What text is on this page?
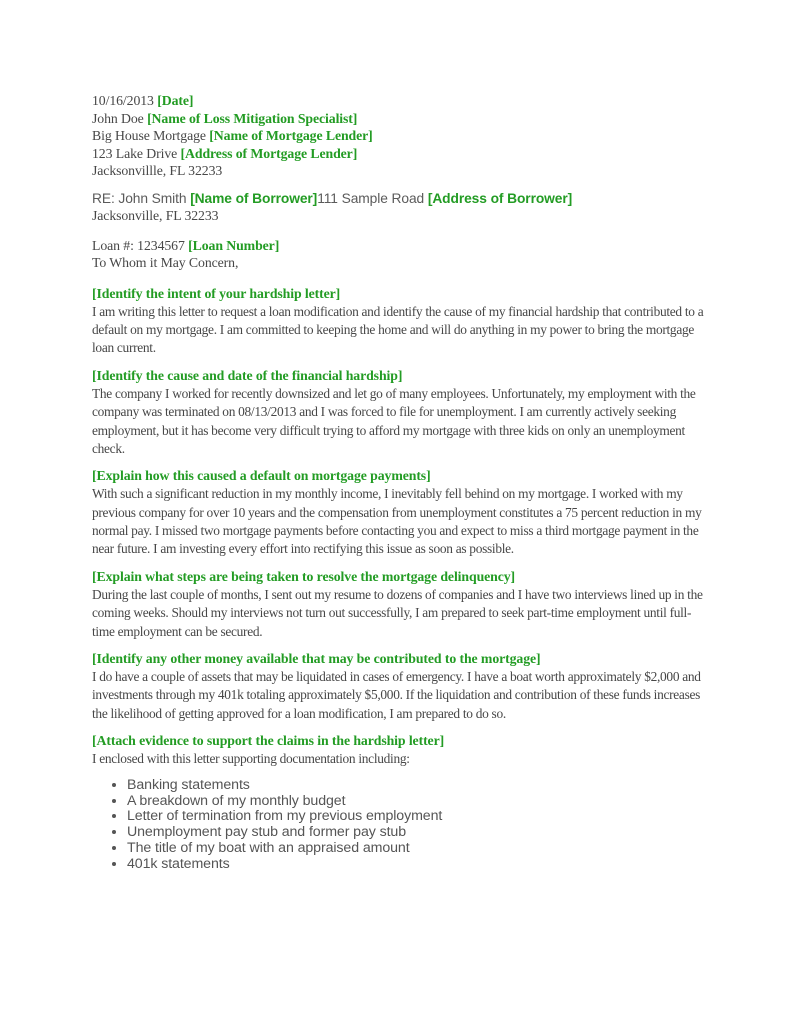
10/16/2013 [Date]
John Doe [Name of Loss Mitigation Specialist]
Big House Mortgage [Name of Mortgage Lender]
123 Lake Drive [Address of Mortgage Lender]
Jacksonvillle, FL 32233
RE: John Smith [Name of Borrower]111 Sample Road [Address of Borrower]
Jacksonville, FL 32233
Loan #: 1234567 [Loan Number]
To Whom it May Concern,
[Identify the intent of your hardship letter]
I am writing this letter to request a loan modification and identify the cause of my financial hardship that contributed to a default on my mortgage. I am committed to keeping the home and will do anything in my power to bring the mortgage loan current.
[Identify the cause and date of the financial hardship]
The company I worked for recently downsized and let go of many employees. Unfortunately, my employment with the company was terminated on 08/13/2013 and I was forced to file for unemployment. I am currently actively seeking employment, but it has become very difficult trying to afford my mortgage with three kids on only an unemployment check.
[Explain how this caused a default on mortgage payments]
With such a significant reduction in my monthly income, I inevitably fell behind on my mortgage. I worked with my previous company for over 10 years and the compensation from unemployment constitutes a 75 percent reduction in my normal pay. I missed two mortgage payments before contacting you and expect to miss a third mortgage payment in the near future. I am investing every effort into rectifying this issue as soon as possible.
[Explain what steps are being taken to resolve the mortgage delinquency]
During the last couple of months, I sent out my resume to dozens of companies and I have two interviews lined up in the coming weeks. Should my interviews not turn out successfully, I am prepared to seek part-time employment until full-time employment can be secured.
[Identify any other money available that may be contributed to the mortgage]
I do have a couple of assets that may be liquidated in cases of emergency. I have a boat worth approximately $2,000 and investments through my 401k totaling approximately $5,000. If the liquidation and contribution of these funds increases the likelihood of getting approved for a loan modification, I am prepared to do so.
[Attach evidence to support the claims in the hardship letter]
I enclosed with this letter supporting documentation including:
• Banking statements
• A breakdown of my monthly budget
• Letter of termination from my previous employment
• Unemployment pay stub and former pay stub
• The title of my boat with an appraised amount
• 401k statements
